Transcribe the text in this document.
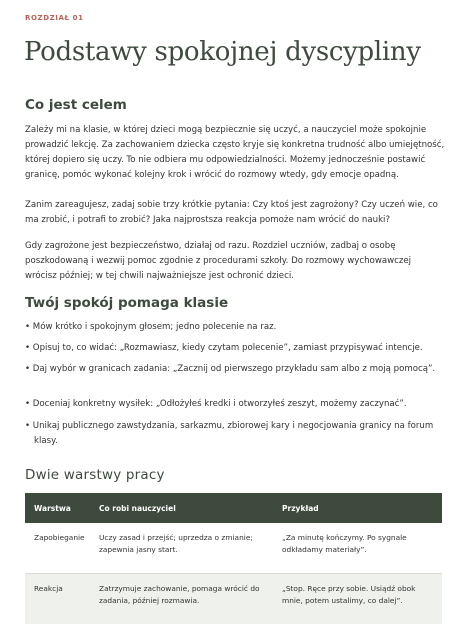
ROZDZIAŁ 01
Podstawy spokojnej dyscypliny
Co jest celem

Zależy mi na klasie, w której dzieci mogą bezpiecznie się uczyć, a nauczyciel może spokojnie prowadzić lekcję. Za zachowaniem dziecka często kryje się konkretna trudność albo umiejętność, której dopiero się uczy. To nie odbiera mu odpowiedzialności. Możemy jednocześnie postawić granicę, pomóc wykonać kolejny krok i wrócić do rozmowy wtedy, gdy emocje opadną.

Zanim zareagujesz, zadaj sobie trzy krótkie pytania: Czy ktoś jest zagrożony? Czy uczeń wie, co ma zrobić, i potrafi to zrobić? Jaka najprostsza reakcja pomoże nam wrócić do nauki?

Gdy zagrożone jest bezpieczeństwo, działaj od razu. Rozdziel uczniów, zadbaj o osobę poszkodowaną i wezwij pomoc zgodnie z procedurami szkoły. Do rozmowy wychowawczej wrócisz później; w tej chwili najważniejsze jest ochronić dzieci.

Twój spokój pomaga klasie

• Mów krótko i spokojnym głosem; jedno polecenie na raz.

• Opisuj to, co widać: „Rozmawiasz, kiedy czytam polecenie”, zamiast przypisywać intencje.

• Daj wybór w granicach zadania: „Zacznij od pierwszego przykładu sam albo z moją pomocą”.

• Doceniaj konkretny wysiłek: „Odłożyłeś kredki i otworzyłeś zeszyt, możemy zaczynać”.

• Unikaj publicznego zawstydzania, sarkazmu, zbiorowej kary i negocjowania granicy na forum klasy.

Dwie warstwy pracy
Warstwa	Co robi nauczyciel	Przykład
Zapobieganie	Uczy zasad i przejść; uprzedza o zmianie; zapewnia jasny start.	„Za minutę kończymy. Po sygnale odkładamy materiały”.
Reakcja	Zatrzymuje zachowanie, pomaga wrócić do zadania, później rozmawia.	„Stop. Ręce przy sobie. Usiądź obok mnie, potem ustalimy, co dalej”.
